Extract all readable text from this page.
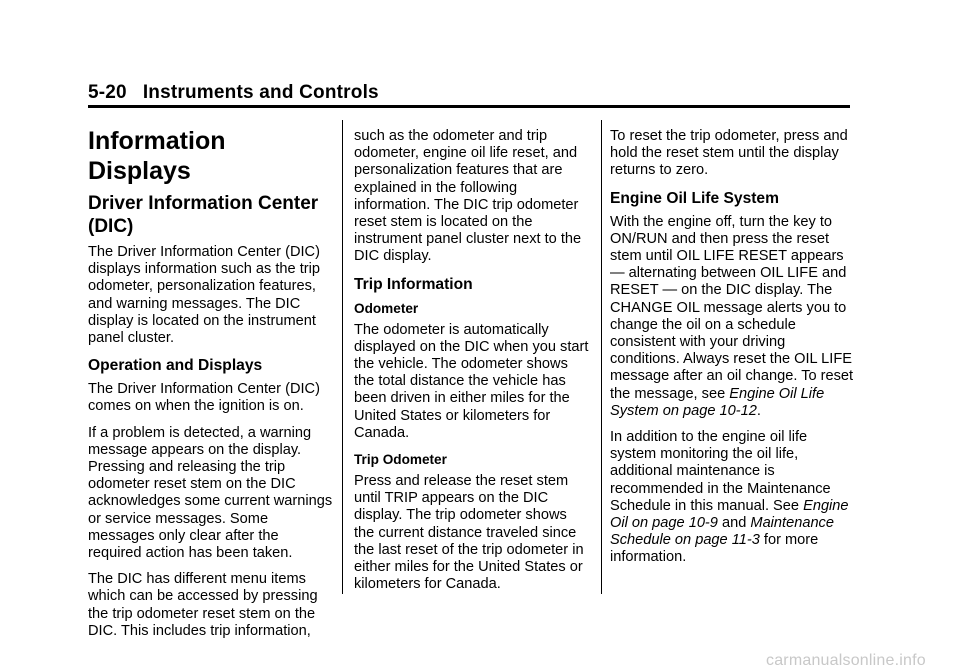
5-20 Instruments and Controls
Information Displays
Driver Information Center (DIC)

The Driver Information Center (DIC) displays information such as the trip odometer, personalization features, and warning messages. The DIC display is located on the instrument panel cluster.

Operation and Displays

The Driver Information Center (DIC) comes on when the ignition is on.

If a problem is detected, a warning message appears on the display. Pressing and releasing the trip odometer reset stem on the DIC acknowledges some current warnings or service messages. Some messages only clear after the required action has been taken.

The DIC has different menu items which can be accessed by pressing the trip odometer reset stem on the DIC. This includes trip information,

such as the odometer and trip odometer, engine oil life reset, and personalization features that are explained in the following information. The DIC trip odometer reset stem is located on the instrument panel cluster next to the DIC display.

Trip Information
Odometer

The odometer is automatically displayed on the DIC when you start the vehicle. The odometer shows the total distance the vehicle has been driven in either miles for the United States or kilometers for Canada.

Trip Odometer

Press and release the reset stem until TRIP appears on the DIC display. The trip odometer shows the current distance traveled since the last reset of the trip odometer in either miles for the United States or kilometers for Canada.

To reset the trip odometer, press and hold the reset stem until the display returns to zero.

Engine Oil Life System

With the engine off, turn the key to ON/RUN and then press the reset stem until OIL LIFE RESET appears — alternating between OIL LIFE and RESET — on the DIC display. The CHANGE OIL message alerts you to change the oil on a schedule consistent with your driving conditions. Always reset the OIL LIFE message after an oil change. To reset the message, see Engine Oil Life System on page 10-12.

In addition to the engine oil life system monitoring the oil life, additional maintenance is recommended in the Maintenance Schedule in this manual. See Engine Oil on page 10-9 and Maintenance Schedule on page 11-3 for more information.

carmanualsonline.info
